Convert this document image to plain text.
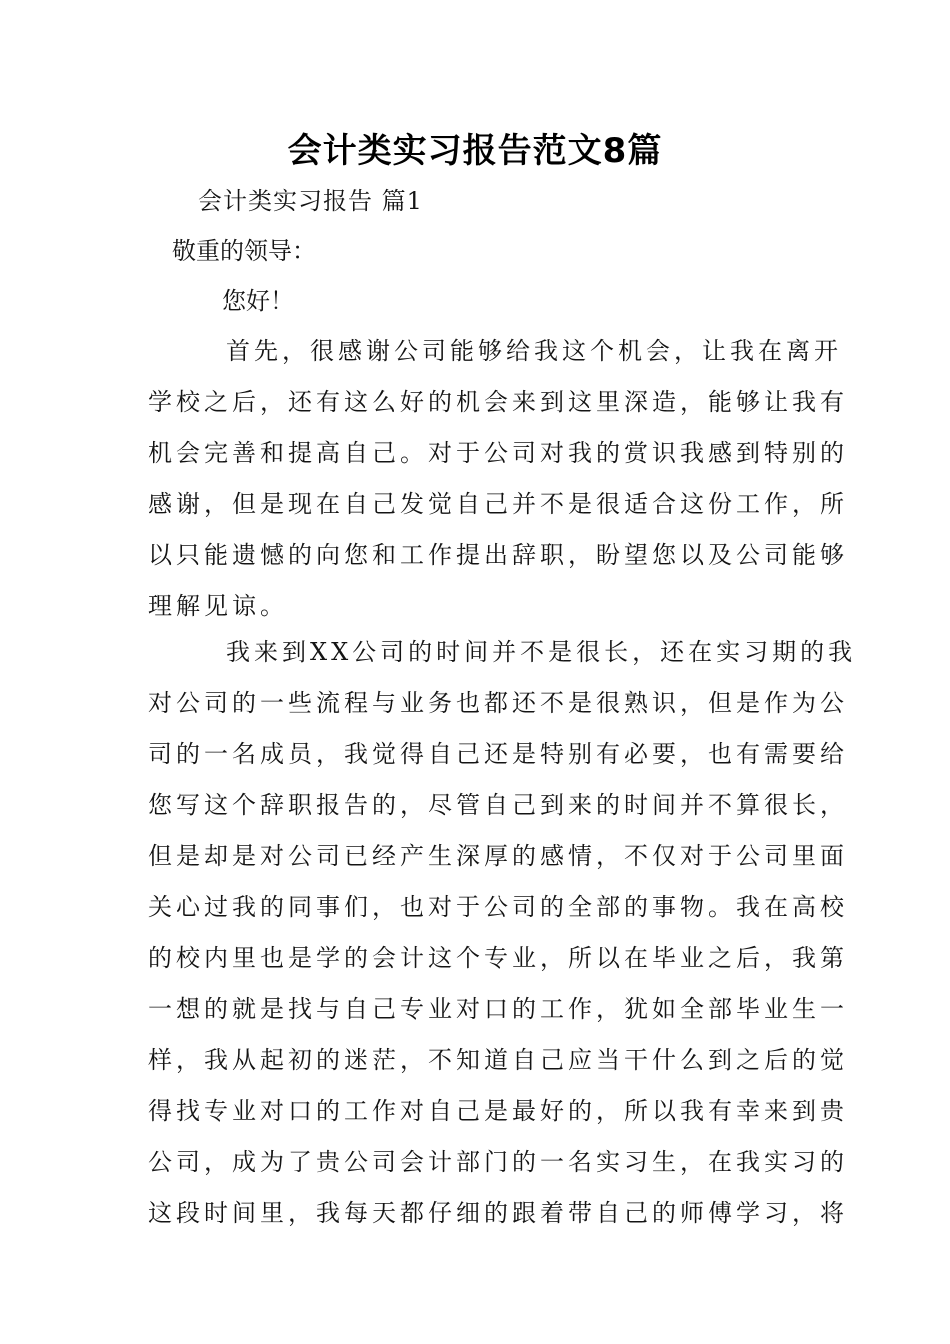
会计类实习报告范文8篇
会计类实习报告 篇1
敬重的领导：
您好！
首先，很感谢公司能够给我这个机会，让我在离开
学校之后，还有这么好的机会来到这里深造，能够让我有
机会完善和提高自己。对于公司对我的赏识我感到特别的
感谢，但是现在自己发觉自己并不是很适合这份工作，所
以只能遗憾的向您和工作提出辞职，盼望您以及公司能够
理解见谅。
我来到XX公司的时间并不是很长，还在实习期的我
对公司的一些流程与业务也都还不是很熟识，但是作为公
司的一名成员，我觉得自己还是特别有必要，也有需要给
您写这个辞职报告的，尽管自己到来的时间并不算很长，
但是却是对公司已经产生深厚的感情，不仅对于公司里面
关心过我的同事们，也对于公司的全部的事物。我在高校
的校内里也是学的会计这个专业，所以在毕业之后，我第
一想的就是找与自己专业对口的工作，犹如全部毕业生一
样，我从起初的迷茫，不知道自己应当干什么到之后的觉
得找专业对口的工作对自己是最好的，所以我有幸来到贵
公司，成为了贵公司会计部门的一名实习生，在我实习的
这段时间里，我每天都仔细的跟着带自己的师傅学习，将
